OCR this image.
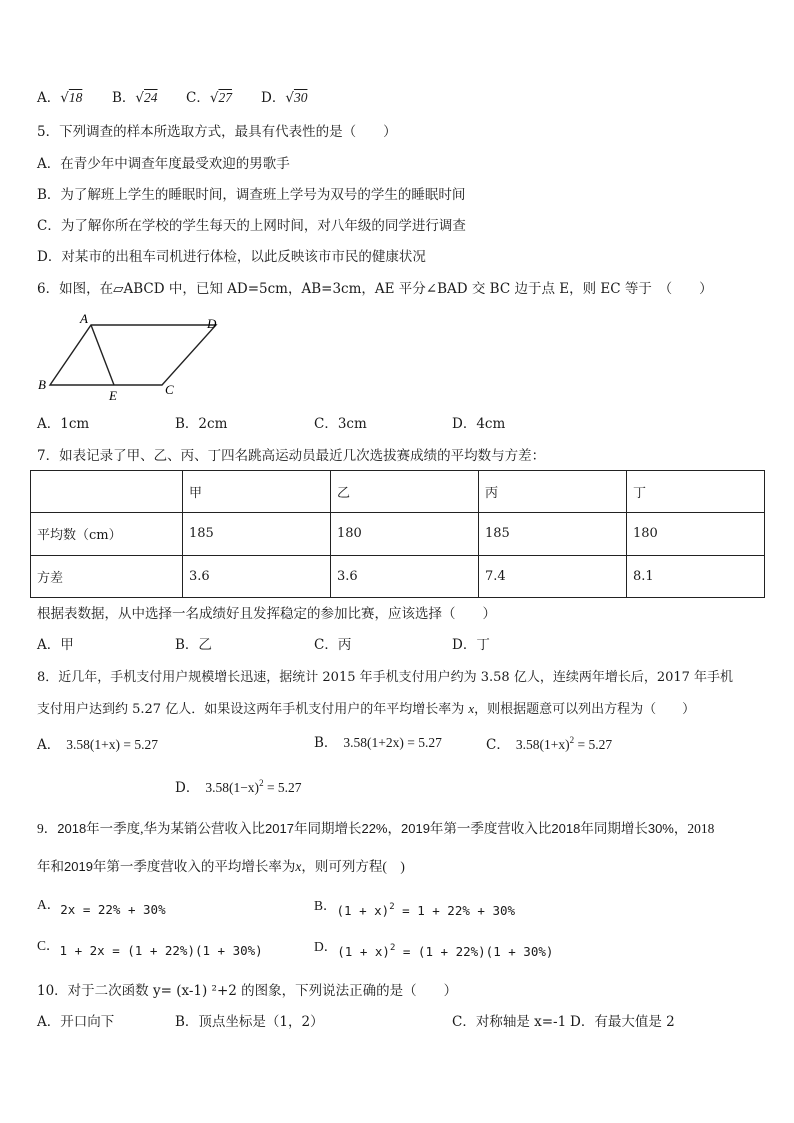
A．√18 B．√24 C．√27 D．√30
5．下列调查的样本所选取方式，最具有代表性的是（　　）
A．在青少年中调查年度最受欢迎的男歌手
B．为了解班上学生的睡眠时间，调查班上学号为双号的学生的睡眠时间
C．为了解你所在学校的学生每天的上网时间，对八年级的同学进行调查
D．对某市的出租车司机进行体检，以此反映该市市民的健康状况
6．如图，在▱ABCD 中，已知 AD=5cm，AB=3cm，AE 平分∠BAD 交 BC 边于点 E，则 EC 等于　（　　）
A	D
B
E	C
A．1cm	B．2cm	C．3cm	D．4cm
7．如表记录了甲、乙、丙、丁四名跳高运动员最近几次选拔赛成绩的平均数与方差：
	甲	乙	丙	丁
平均数（cm）	185	180	185	180
方差	3.6	3.6	7.4	8.1
根据表数据，从中选择一名成绩好且发挥稳定的参加比赛，应该选择（　　）
A．甲	B．乙	C．丙	D．丁
8．近几年，手机支付用户规模增长迅速，据统计 2015 年手机支付用户约为 3.58 亿人，连续两年增长后，2017 年手机
支付用户达到约 5.27 亿人．如果设这两年手机支付用户的年平均增长率为 x，则根据题意可以列出方程为（　　）
A． 3.58(1+x) = 5.27	B． 3.58(1+2x) = 5.27	C． $3.58(1+x)^2 = 5.27$
D． $3.58(1-x)^2 = 5.27$
9．2018年一季度,华为某销公营收入比2017年同期增长22%，2019年第一季度营收入比2018年同期增长30%，2018
年和2019年第一季度营收入的平均增长率为x，则可列方程(　)
A．2x = 22% + 30%	B．$(1 + x)^2 = 1 + 22\% + 30\%$
C．1 + 2x = (1 + 22%)(1 + 30%)	D．$(1 + x)^2 = (1 + 22\%)(1 + 30\%)$
10．对于二次函数 y= (x-1) ²+2 的图象，下列说法正确的是（　　）
A．开口向下	B．顶点坐标是（1，2）	C．对称轴是 x=-1 D．有最大值是 2
